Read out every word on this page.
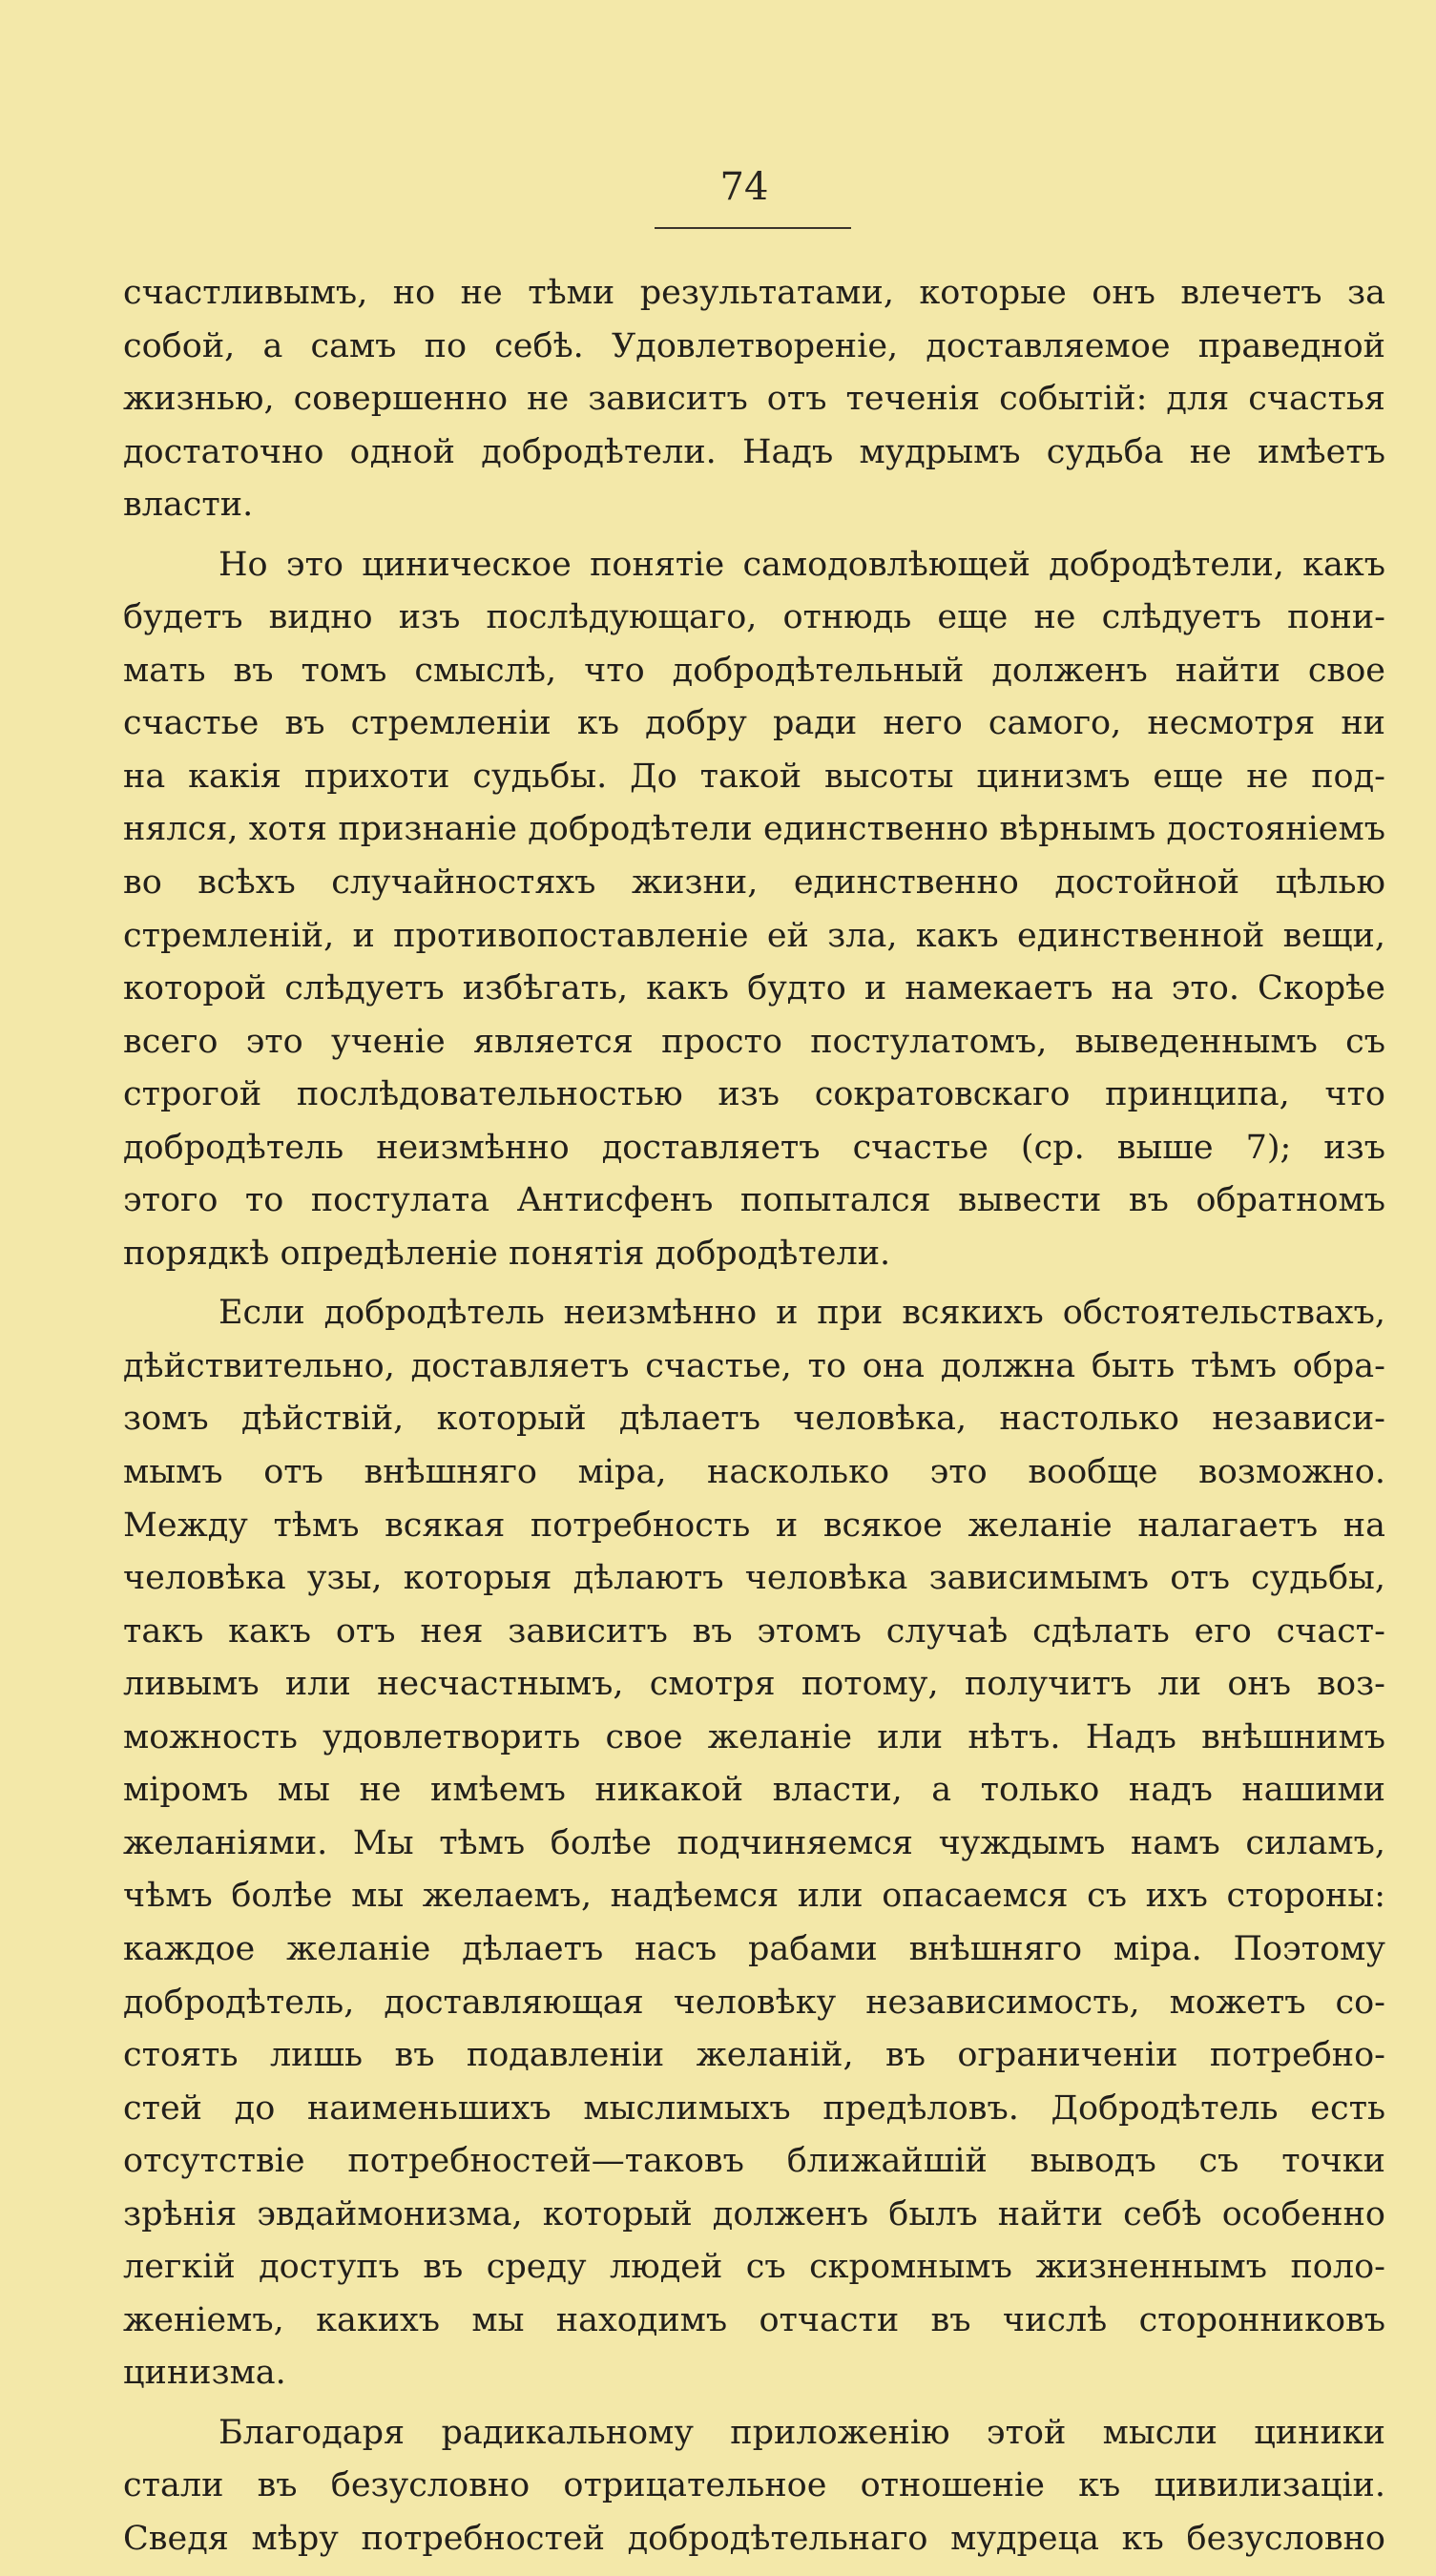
74
счастливымъ, но не тѣми результатами, которые онъ влечетъ за
собой, а самъ по себѣ. Удовлетвореніе, доставляемое праведной
жизнью, совершенно не зависитъ отъ теченія событій: для счастья
достаточно одной добродѣтели. Надъ мудрымъ судьба не имѣетъ
власти.
Но это циническое понятіе самодовлѣющей добродѣтели, какъ
будетъ видно изъ послѣдующаго, отнюдь еще не слѣдуетъ пони-
мать въ томъ смыслѣ, что добродѣтельный долженъ найти свое
счастье въ стремленіи къ добру ради него самого, несмотря ни
на какія прихоти судьбы. До такой высоты цинизмъ еще не под-
нялся, хотя признаніе добродѣтели единственно вѣрнымъ достояніемъ
во всѣхъ случайностяхъ жизни, единственно достойной цѣлью
стремленій, и противопоставленіе ей зла, какъ единственной вещи,
которой слѣдуетъ избѣгать, какъ будто и намекаетъ на это. Скорѣе
всего это ученіе является просто постулатомъ, выведеннымъ съ
строгой послѣдовательностью изъ сократовскаго принципа, что
добродѣтель неизмѣнно доставляетъ счастье (ср. выше 7); изъ
этого то постулата Антисфенъ попытался вывести въ обратномъ
порядкѣ опредѣленіе понятія добродѣтели.
Если добродѣтель неизмѣнно и при всякихъ обстоятельствахъ,
дѣйствительно, доставляетъ счастье, то она должна быть тѣмъ обра-
зомъ дѣйствій, который дѣлаетъ человѣка, настолько независи-
мымъ отъ внѣшняго міра, насколько это вообще возможно.
Между тѣмъ всякая потребность и всякое желаніе налагаетъ на
человѣка узы, которыя дѣлаютъ человѣка зависимымъ отъ судьбы,
такъ какъ отъ нея зависитъ въ этомъ случаѣ сдѣлать его счаст-
ливымъ или несчастнымъ, смотря потому, получитъ ли онъ воз-
можность удовлетворить свое желаніе или нѣтъ. Надъ внѣшнимъ
міромъ мы не имѣемъ никакой власти, а только надъ нашими
желаніями. Мы тѣмъ болѣе подчиняемся чуждымъ намъ силамъ,
чѣмъ болѣе мы желаемъ, надѣемся или опасаемся съ ихъ стороны:
каждое желаніе дѣлаетъ насъ рабами внѣшняго міра. Поэтому
добродѣтель, доставляющая человѣку независимость, можетъ со-
стоять лишь въ подавленіи желаній, въ ограниченіи потребно-
стей до наименьшихъ мыслимыхъ предѣловъ. Добродѣтель есть
отсутствіе потребностей—таковъ ближайшій выводъ съ точки
зрѣнія эвдаймонизма, который долженъ былъ найти себѣ особенно
легкій доступъ въ среду людей съ скромнымъ жизненнымъ поло-
женіемъ, какихъ мы находимъ отчасти въ числѣ сторонниковъ
цинизма.
Благодаря радикальному приложенію этой мысли циники
стали въ безусловно отрицательное отношеніе къ цивилизаціи.
Сведя мѣру потребностей добродѣтельнаго мудреца къ безусловно
